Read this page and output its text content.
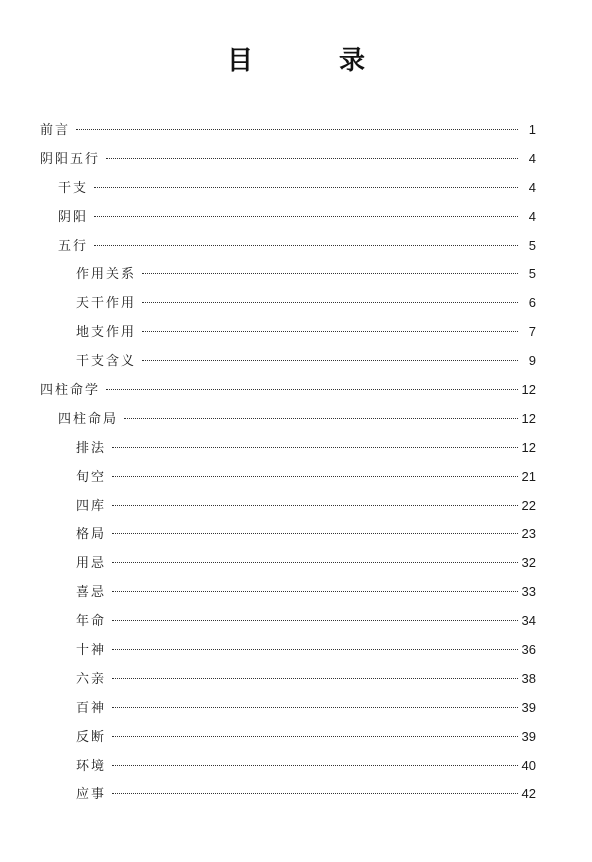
目　录
前言	1
阴阳五行	4
干支	4
阴阳	4
五行	5
作用关系	5
天干作用	6
地支作用	7
干支含义	9
四柱命学	12
四柱命局	12
排法	12
旬空	21
四库	22
格局	23
用忌	32
喜忌	33
年命	34
十神	36
六亲	38
百神	39
反断	39
环境	40
应事	42
